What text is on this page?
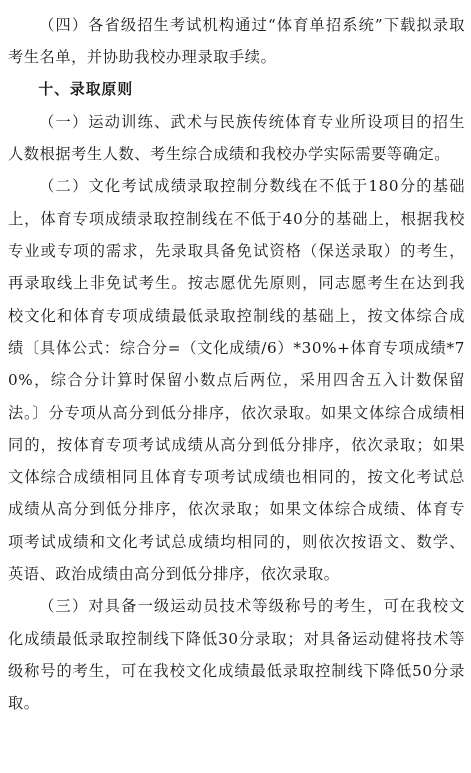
（四）各省级招生考试机构通过“体育单招系统”下载拟录取考生名单，并协助我校办理录取手续。

十、录取原则

（一）运动训练、武术与民族传统体育专业所设项目的招生人数根据考生人数、考生综合成绩和我校办学实际需要等确定。

（二）文化考试成绩录取控制分数线在不低于180分的基础上，体育专项成绩录取控制线在不低于40分的基础上，根据我校专业或专项的需求，先录取具备免试资格（保送录取）的考生，再录取线上非免试考生。按志愿优先原则，同志愿考生在达到我校文化和体育专项成绩最低录取控制线的基础上，按文体综合成绩〔具体公式：综合分=（文化成绩/6）*30%+体育专项成绩*70%，综合分计算时保留小数点后两位，采用四舍五入计数保留法。〕分专项从高分到低分排序，依次录取。如果文体综合成绩相同的，按体育专项考试成绩从高分到低分排序，依次录取；如果文体综合成绩相同且体育专项考试成绩也相同的，按文化考试总成绩从高分到低分排序，依次录取；如果文体综合成绩、体育专项考试成绩和文化考试总成绩均相同的，则依次按语文、数学、英语、政治成绩由高分到低分排序，依次录取。

（三）对具备一级运动员技术等级称号的考生，可在我校文化成绩最低录取控制线下降低30分录取；对具备运动健将技术等级称号的考生，可在我校文化成绩最低录取控制线下降低50分录取。
